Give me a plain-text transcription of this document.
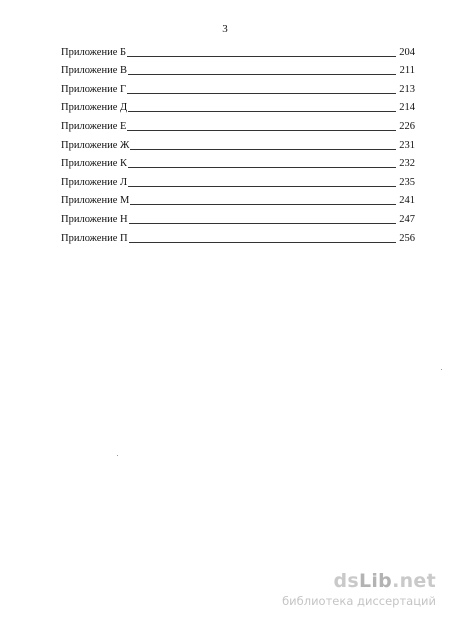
3
Приложение Б	204
Приложение В	211
Приложение Г	213
Приложение Д	214
Приложение Е	226
Приложение Ж	231
Приложение К	232
Приложение Л	235
Приложение М	241
Приложение Н	247
Приложение П	256
dsLib.net
библиотека диссертаций
